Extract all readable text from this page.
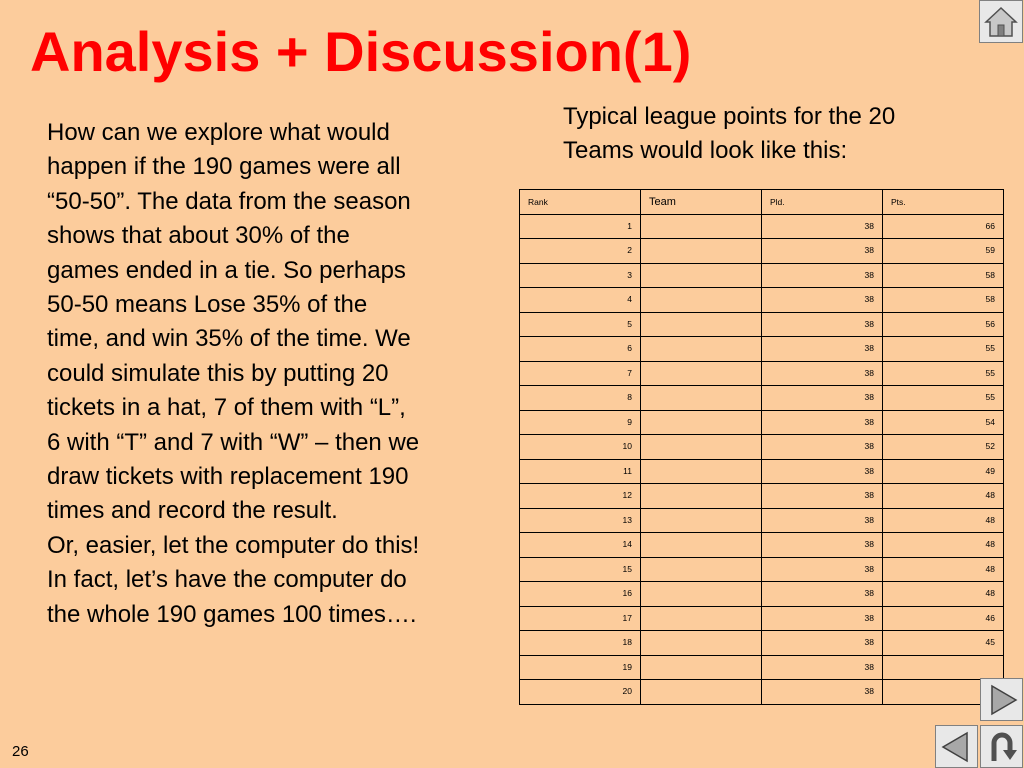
Analysis + Discussion(1)

How can we explore what would

happen if the 190 games were all

“50-50”. The data from the season

shows that about 30% of the

games ended in a tie. So perhaps

50-50 means Lose 35% of the

time, and win 35% of the time. We

could simulate this by putting 20

tickets in a hat, 7 of them with “L”,

6 with “T” and 7 with “W” – then we

draw tickets with replacement 190

times and record the result.

Or, easier, let the computer do this!

In fact, let’s have the computer do

the whole 190 games 100 times….

Typical league points for the 20
Teams would look like this:
Rank	Team	Pld.	Pts.
1		38	66
2		38	59
3		38	58
4		38	58
5		38	56
6		38	55
7		38	55
8		38	55
9		38	54
10		38	52
11		38	49
12		38	48
13		38	48
14		38	48
15		38	48
16		38	48
17		38	46
18		38	45
19		38	
20		38	
26
